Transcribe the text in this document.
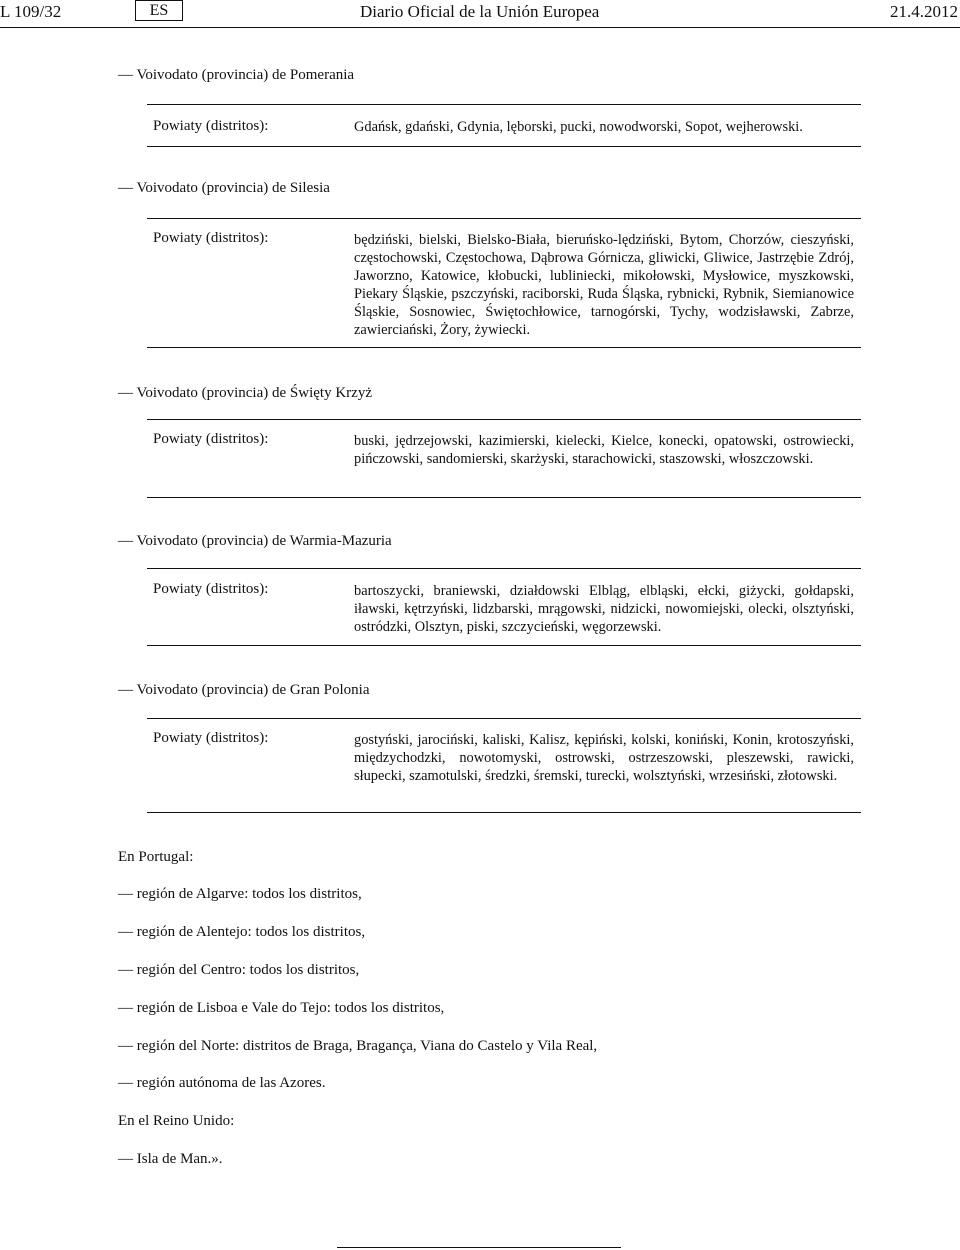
L 109/32	ES	Diario Oficial de la Unión Europea	21.4.2012
— Voivodato (provincia) de Pomerania
Powiaty (distritos):	Gdańsk, gdański, Gdynia, lęborski, pucki, nowodworski, Sopot, wejherowski.
— Voivodato (provincia) de Silesia
Powiaty (distritos):	będziński, bielski, Bielsko-Biała, bieruńsko-lędziński, Bytom, Chorzów, cieszyński, częstochowski, Częstochowa, Dąbrowa Górnicza, gliwicki, Gliwice, Jastrzębie Zdrój, Jaworzno, Katowice, kłobucki, lubliniecki, mikołowski, Mysłowice, myszkowski, Piekary Śląskie, pszczyński, raciborski, Ruda Śląska, rybnicki, Rybnik, Siemianowice Śląskie, Sosnowiec, Świętochłowice, tarnogórski, Tychy, wodzisławski, Zabrze, zawierciański, Żory, żywiecki.
— Voivodato (provincia) de Świętу Krzyż
Powiaty (distritos):	buski, jędrzejowski, kazimierski, kielecki, Kielce, konecki, opatowski, ostrowiecki, pińczowski, sandomierski, skarżyski, starachowicki, staszowski, włoszczowski.
— Voivodato (provincia) de Warmia-Mazuria
Powiaty (distritos):	bartoszycki, braniewski, działdowski Elbląg, elbląski, ełcki, giżycki, gołdapski, iławski, kętrzyński, lidzbarski, mrągowski, nidzicki, nowomiejski, olecki, olsztyński, ostródzki, Olsztyn, piski, szczycieński, węgorzewski.
— Voivodato (provincia) de Gran Polonia
Powiaty (distritos):	gostyński, jarociński, kaliski, Kalisz, kępiński, kolski, koniński, Konin, krotoszyński, międzychodzki, nowotomyski, ostrowski, ostrzeszowski, pleszewski, rawicki, słupecki, szamotulski, średzki, śremski, turecki, wolsztyński, wrzesiński, złotowski.
En Portugal:
— región de Algarve: todos los distritos,
— región de Alentejo: todos los distritos,
— región del Centro: todos los distritos,
— región de Lisboa e Vale do Tejo: todos los distritos,
— región del Norte: distritos de Braga, Bragança, Viana do Castelo y Vila Real,
— región autónoma de las Azores.
En el Reino Unido:
— Isla de Man.».
